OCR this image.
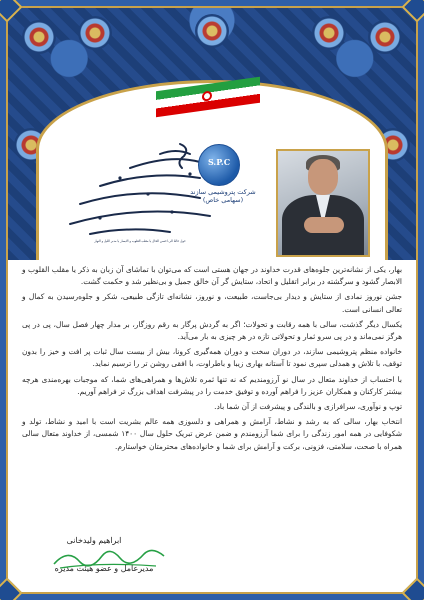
حول حالنا الی احسن الحال یا مقلب القلوب و الابصار یا مدبر اللیل و النهار
S.P.C
شرکت پتروشیمی سازند
(سهامی خاص)

بهار، یکی از نشانه‌ترین جلوه‌های قدرت خداوند در جهان هستی است که می‌توان با تماشای آن زبان به ذکر یا مقلب القلوب و الابصار گشود و سرگشته در برابر اتقلیل و اتحاد، ستایش گر آن خالق جمیل و بی‌نظیر شد و حکمت گشت.

جشن نوروز نمادی از ستایش و دیدار بی‌جاست، طبیعت، و نوروز، نشانه‌ای تازگی طبیعی، شکر و جلوه‌رسیدن به کمال و تعالی انسانی است.

یکسال دیگر گذشت، سالی با همه رقابت و تحولات؛ اگر به گردش پرگار به رقم روزگار، بر مدار چهار فصل سال، پی در پی هرگز نمی‌ماند و در پی سرو ثمار و تحولاتی تازه در هر چیزی به بار می‌آید.

خانواده منظم پتروشیمی سازند، در دوران سخت و دوران همه‌گیری کرونا، بیش از بیست سال ثبات پر افت و خیز را بدون توقف، با تلاش و همدلی سپری نمود تا آستانه بهاری زیبا و باطراوت، با افقی روشن تر را ترسیم نماید.

با احتساب از خداوند متعال در سال نو آرزومندیم که نه تنها ثمره تلاش‌ها و همراهی‌های شما، که موجبات بهره‌مندی هرچه بیشتر کارکنان و همکاران عزیز را فراهم آورده و توفیق خدمت را در پیشرفت اهداف بزرگ تر فراهم آوریم.

توپ و نوآوری، سرافرازی و بالندگی و پیشرفت از آن شما باد.

انتخاب بهار، سالی که به رشد و نشاط، آرامش و همراهی و دلسوزی همه عالم بشریت است با امید و نشاط، تولد و شکوفایی در همه امور زندگی را برای شما آرزومندم و ضمن عرض تبریک حلول سال ۱۴۰۰ شمسی، از خداوند متعال سالی همراه با صحت، سلامتی، فزونی، برکت و آرامش برای شما و خانواده‌های محترمتان خواستارم.

ابراهیم ولیدخانی
مدیرعامل و عضو هیئت مدیره
